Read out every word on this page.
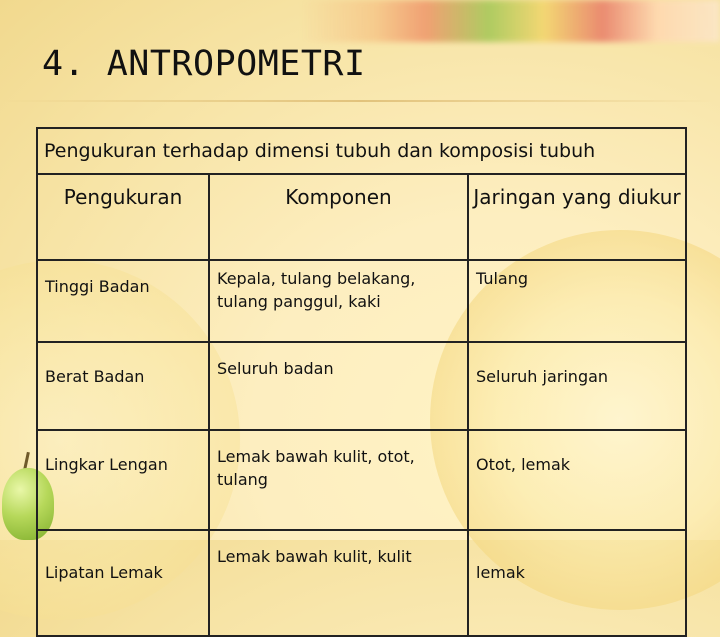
4. ANTROPOMETRI
Pengukuran terhadap dimensi tubuh dan komposisi tubuh		
Pengukuran	Komponen	Jaringan yang diukur
Tinggi Badan	Kepala, tulang belakang, tulang panggul, kaki	Tulang
Berat Badan	Seluruh badan	Seluruh jaringan
Lingkar Lengan	Lemak bawah kulit, otot, tulang	Otot, lemak
Lipatan Lemak	Lemak bawah kulit, kulit	lemak
